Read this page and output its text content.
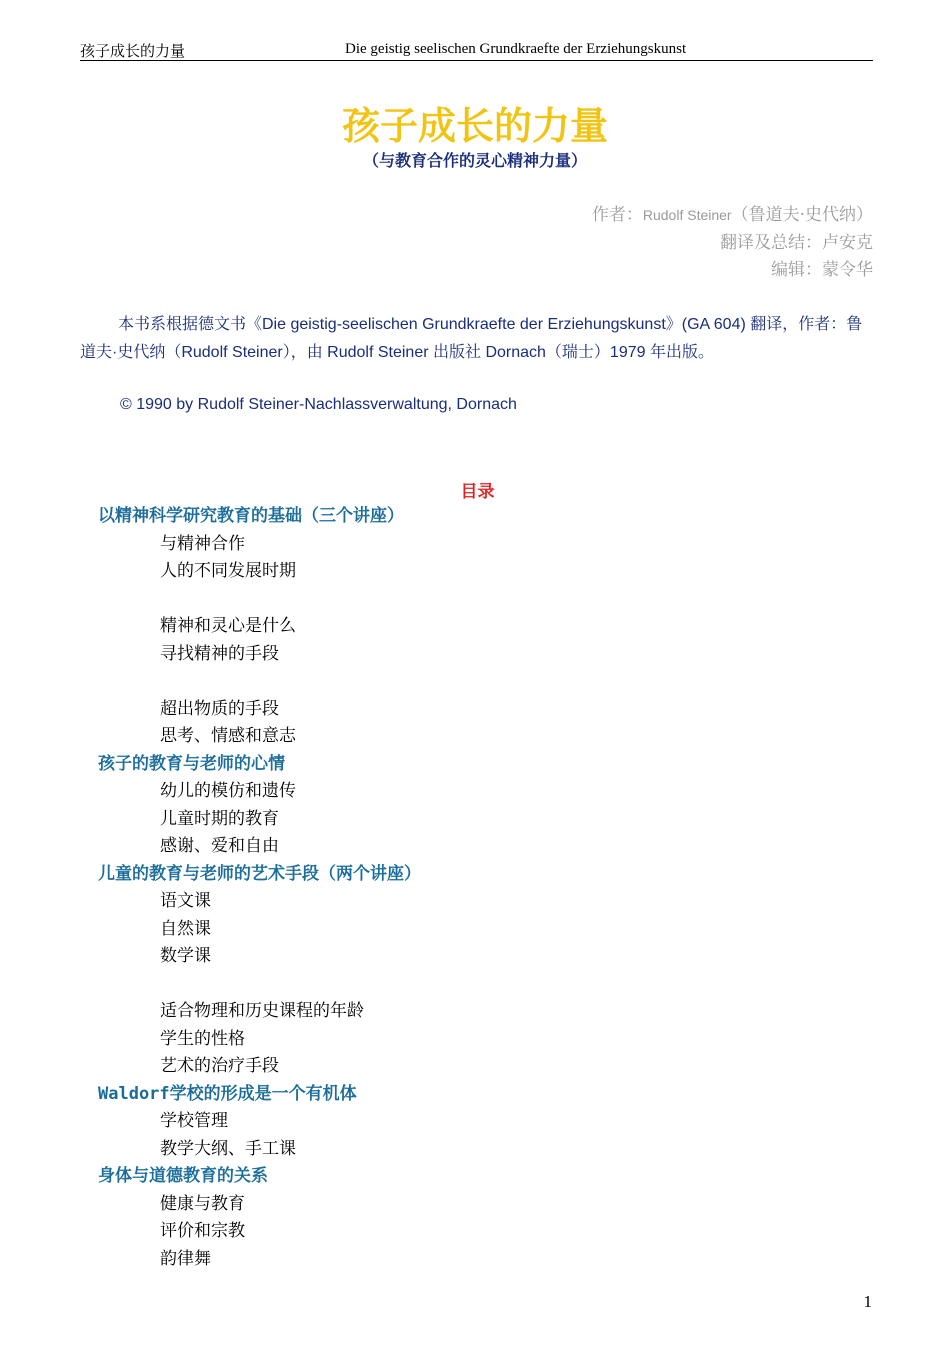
孩子成长的力量	Die geistig seelischen Grundkraefte der Erziehungskunst
孩子成长的力量
（与教育合作的灵心精神力量）
作者：Rudolf Steiner（鲁道夫·史代纳）
翻译及总结：卢安克
编辑：蒙令华
本书系根据德文书《Die geistig-seelischen Grundkraefte der Erziehungskunst》(GA 604) 翻译，作者：鲁道夫·史代纳（Rudolf Steiner），由 Rudolf Steiner 出版社 Dornach（瑞士）1979 年出版。
© 1990 by Rudolf Steiner-Nachlassverwaltung, Dornach
目录
以精神科学研究教育的基础（三个讲座）
与精神合作
人的不同发展时期
精神和灵心是什么
寻找精神的手段
超出物质的手段
思考、情感和意志
孩子的教育与老师的心情
幼儿的模仿和遗传
儿童时期的教育
感谢、爱和自由
儿童的教育与老师的艺术手段（两个讲座）
语文课
自然课
数学课
适合物理和历史课程的年龄
学生的性格
艺术的治疗手段
Waldorf学校的形成是一个有机体
学校管理
教学大纲、手工课
身体与道德教育的关系
健康与教育
评价和宗教
韵律舞
1
